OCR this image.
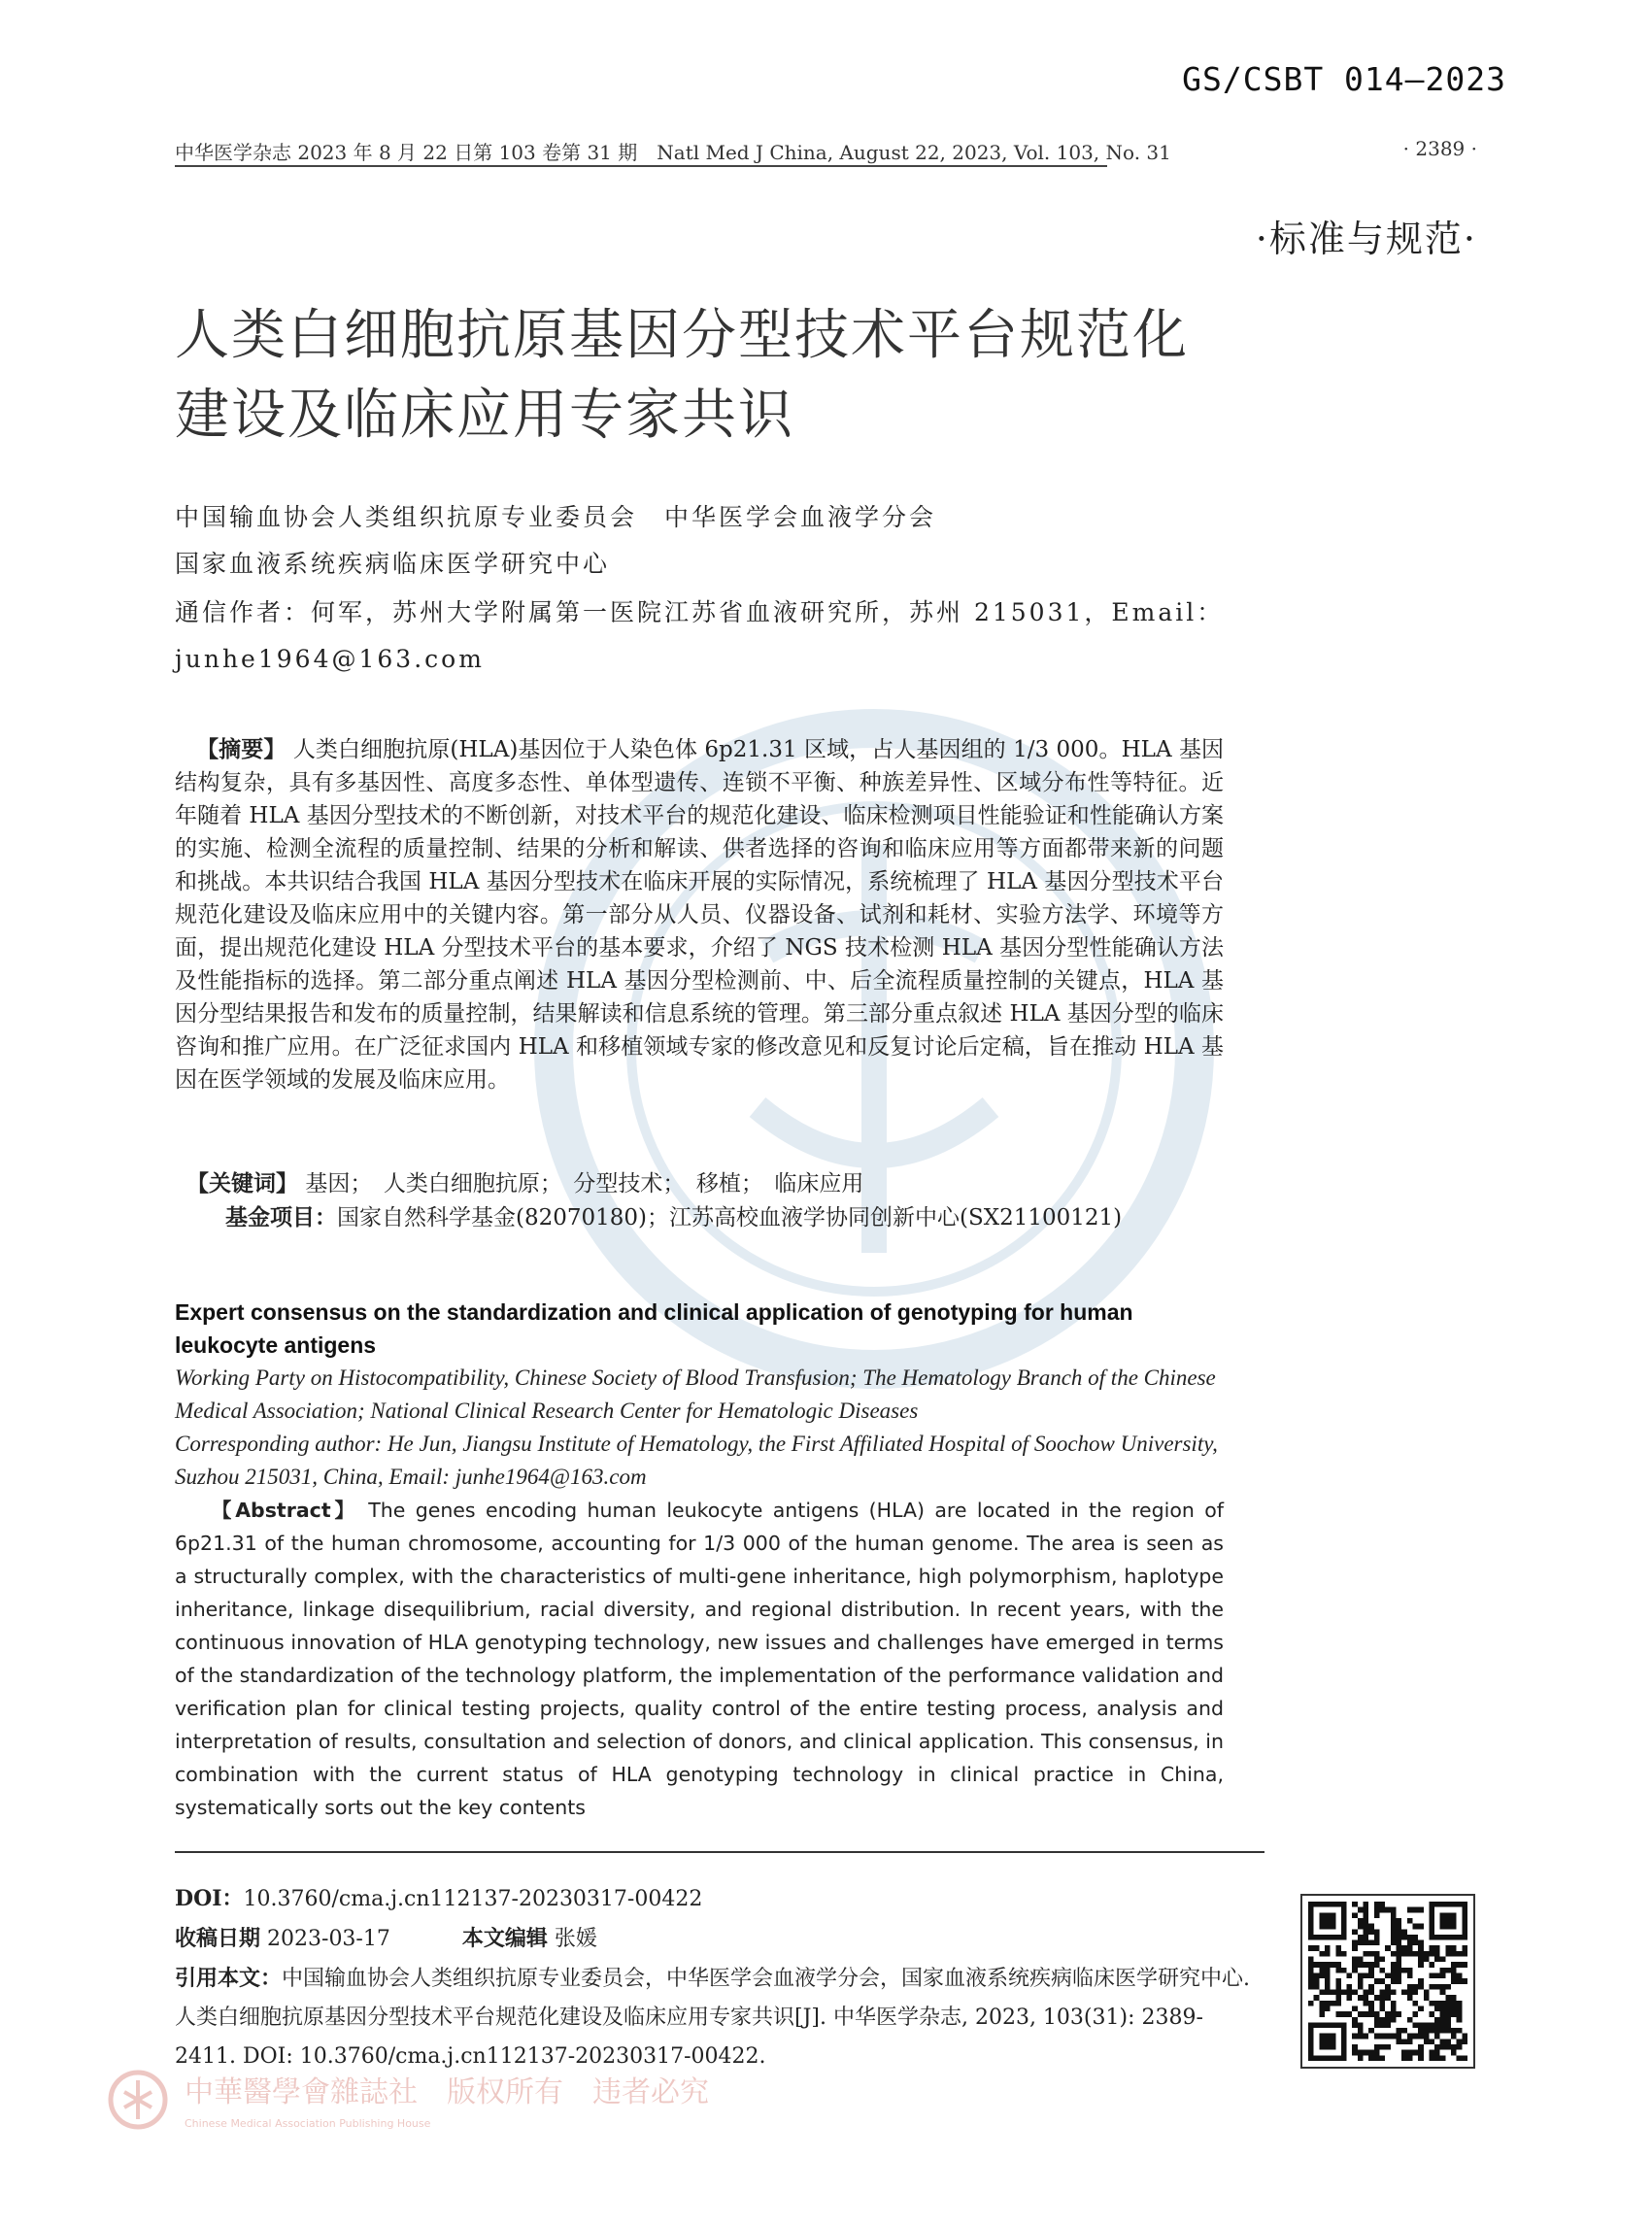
GS/CSBT 014—2023
中华医学杂志 2023 年 8 月 22 日第 103 卷第 31 期　Natl Med J China, August 22, 2023, Vol. 103, No. 31	· 2389 ·
·标准与规范·
人类白细胞抗原基因分型技术平台规范化
建设及临床应用专家共识
中国输血协会人类组织抗原专业委员会　中华医学会血液学分会
国家血液系统疾病临床医学研究中心
通信作者：何军，苏州大学附属第一医院江苏省血液研究所，苏州 215031，Email： junhe1964@163.com
【摘要】 人类白细胞抗原(HLA)基因位于人染色体 6p21.31 区域，占人基因组的 1/3 000。HLA 基因结构复杂，具有多基因性、高度多态性、单体型遗传、连锁不平衡、种族差异性、区域分布性等特征。近年随着 HLA 基因分型技术的不断创新，对技术平台的规范化建设、临床检测项目性能验证和性能确认方案的实施、检测全流程的质量控制、结果的分析和解读、供者选择的咨询和临床应用等方面都带来新的问题和挑战。本共识结合我国 HLA 基因分型技术在临床开展的实际情况，系统梳理了 HLA 基因分型技术平台规范化建设及临床应用中的关键内容。第一部分从人员、仪器设备、试剂和耗材、实验方法学、环境等方面，提出规范化建设 HLA 分型技术平台的基本要求，介绍了 NGS 技术检测 HLA 基因分型性能确认方法及性能指标的选择。第二部分重点阐述 HLA 基因分型检测前、中、后全流程质量控制的关键点，HLA 基因分型结果报告和发布的质量控制，结果解读和信息系统的管理。第三部分重点叙述 HLA 基因分型的临床咨询和推广应用。在广泛征求国内 HLA 和移植领域专家的修改意见和反复讨论后定稿，旨在推动 HLA 基因在医学领域的发展及临床应用。
【关键词】 基因；　人类白细胞抗原；　分型技术；　移植；　临床应用
基金项目：国家自然科学基金(82070180)；江苏高校血液学协同创新中心(SX21100121)
Expert consensus on the standardization and clinical application of genotyping for human leukocyte antigens
Working Party on Histocompatibility, Chinese Society of Blood Transfusion; The Hematology Branch of the Chinese Medical Association; National Clinical Research Center for Hematologic Diseases
Corresponding author: He Jun, Jiangsu Institute of Hematology, the First Affiliated Hospital of Soochow University, Suzhou 215031, China, Email: junhe1964@163.com
【Abstract】 The genes encoding human leukocyte antigens (HLA) are located in the region of 6p21.31 of the human chromosome, accounting for 1/3 000 of the human genome. The area is seen as a structurally complex, with the characteristics of multi-gene inheritance, high polymorphism, haplotype inheritance, linkage disequilibrium, racial diversity, and regional distribution. In recent years, with the continuous innovation of HLA genotyping technology, new issues and challenges have emerged in terms of the standardization of the technology platform, the implementation of the performance validation and verification plan for clinical testing projects, quality control of the entire testing process, analysis and interpretation of results, consultation and selection of donors, and clinical application. This consensus, in combination with the current status of HLA genotyping technology in clinical practice in China, systematically sorts out the key contents
DOI：10.3760/cma.j.cn112137-20230317-00422
收稿日期 2023-03-17	本文编辑 张媛
引用本文：中国输血协会人类组织抗原专业委员会，中华医学会血液学分会，国家血液系统疾病临床医学研究中心. 人类白细胞抗原基因分型技术平台规范化建设及临床应用专家共识[J]. 中华医学杂志, 2023, 103(31): 2389-2411. DOI: 10.3760/cma.j.cn112137-20230317-00422.
中華醫學會雜誌社　版权所有　违者必究
Chinese Medical Association Publishing House
